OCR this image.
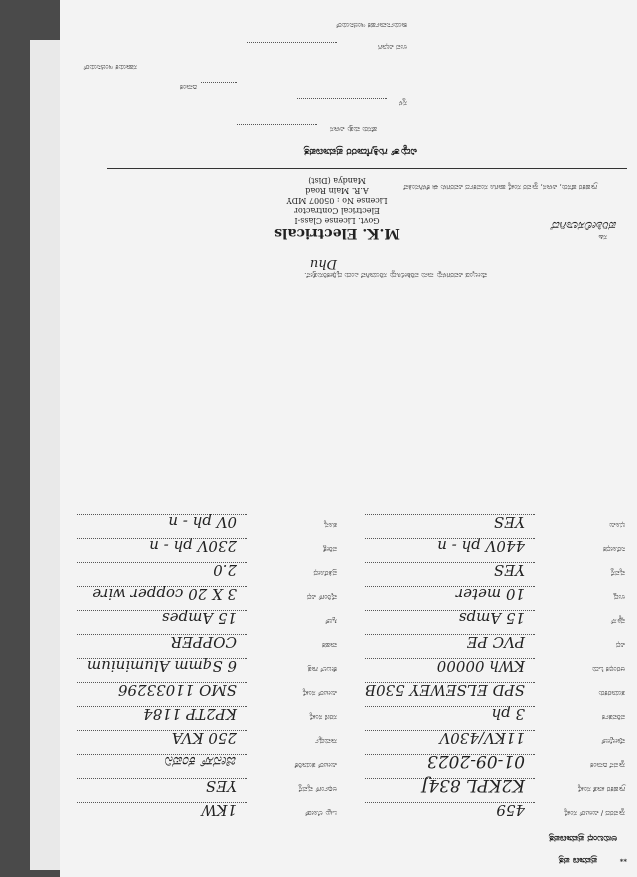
ಪ್ರಮಾಣ ಪತ್ರ	**
ಅನುಬಂಧ ಪ್ರಮಾಣಪತ್ರ
ಸ್ಥಾವರದ / ಮೀಟರ್ ಸಂಖ್ಯೆ
459
ಒಟ್ಟು ಲೋಡ್
1KW
ಗ್ರಾಹಕರ ಖಾತೆ ಸಂಖ್ಯೆ
K2KPL 834J
ಅರ್ಥಿಂಗ್ ವ್ಯವಸ್ಥೆ
YES
ಸ್ಥಾಪನೆ ದಿನಾಂಕ
01-09-2023
ಮೀಟರ್ ತಯಾರಿಕೆ
ಜೀನಸ್ ಕಂಪನಿ
ವೋಲ್ಟೇಜ್
11KV/430V
ಸಾಮರ್ಥ್ಯ
250 KVA
ಪರಿವರ್ತಕ
3 ph
ಸರಣಿ ಸಂಖ್ಯೆ
KP2TP 1184
ತಯಾರಕರು
SPD ELSEWEY 530B
ಮೀಟರ್ ಸಂಖ್ಯೆ
SMO 11033296
ಆರಂಭಿಕ ಓದು
KWh 00000
ಕೇಬಲ್ ಗಾತ್ರ
6 Sqmm Aluminium
ವಿಧ
PVC PE
ವಾಹಕ
COPPER
ಫ್ಯೂಸ್
15 Amps
ಸ್ವಿಚ್
15 Ampes
ಉದ್ದ
10 meter
ವೈರಿಂಗ್ ವಿಧ
3 X 20 copper wire
ವ್ಯವಸ್ಥೆ
YES
ಪ್ರತಿರೋಧ
2.0
ನಿರೋಧಕ
440V ph - n
ಪರೀಕ್ಷೆ
230V ph - n
ಭೂಮಿ
YES
ಶೂನ್ಯ
0V ph - n
M.K. Electricals
Govt. License Class-I
Electrical Contractor
License No : 05007 MDY
A.R. Main Road
Mandya (Dist)
Dhu
ಮೇಲ್ಕಂಡ ವಿವರಗಳನ್ನು ನಾನು ಪರಿಶೀಲಿಸಿದ್ದು ಸರಿಯಾಗಿವೆ ಎಂದು ದೃಢೀಕರಿಸುತ್ತೇನೆ.
ಸಹಿ
ಪರಿಶೀಲಿಸಲಾಗಿದೆ
ಗ್ರಾಹಕರ ಹೆಸರು, ವಿಳಾಸ, ಸ್ಥಾವರ ಸಂಖ್ಯೆ ಹಾಗೂ ಸಂಪರ್ಕದ ವಿವರಗಳು ಈ ಕೆಳಗಿನಂತಿವೆ
ವಿದ್ಯುತ್ ಗುತ್ತಿಗೆದಾರರ ಪ್ರಮಾಣಪತ್ರ
ಹೆಸರು ಮತ್ತು ವಿಳಾಸ
ಸ್ಥಳ
ದಿನಾಂಕ
ಸಹಾಯಕ ಇಂಜಿನಿಯರ್
ಉಪ ವಿಭಾಗ
ಕಾರ್ಯನಿರ್ವಾಹಕ ಇಂಜಿನಿಯರ್
